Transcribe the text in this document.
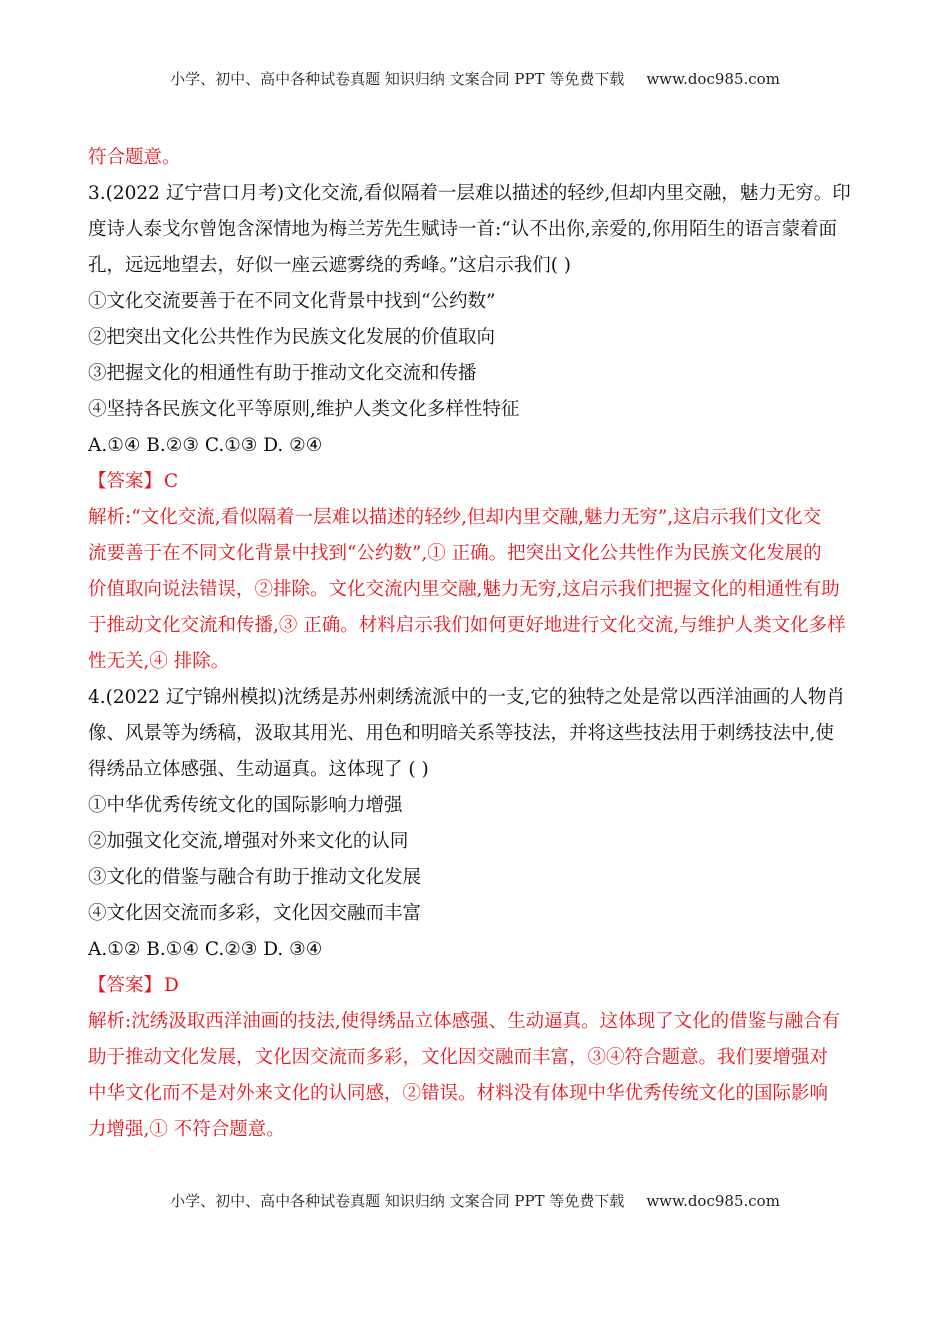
小学、初中、高中各种试卷真题 知识归纳 文案合同 PPT 等免费下载 www.doc985.com
符合题意。
3.(2022 辽宁营口月考)文化交流,看似隔着一层难以描述的轻纱,但却内里交融，魅力无穷。印
度诗人泰戈尔曾饱含深情地为梅兰芳先生赋诗一首:“认不出你,亲爱的,你用陌生的语言蒙着面
孔，远远地望去，好似一座云遮雾绕的秀峰。”这启示我们( )
①文化交流要善于在不同文化背景中找到“公约数”
②把突出文化公共性作为民族文化发展的价值取向
③把握文化的相通性有助于推动文化交流和传播
④坚持各民族文化平等原则,维护人类文化多样性特征
A.①④ B.②③ C.①③ D. ②④
【答案】 C
解析:“文化交流,看似隔着一层难以描述的轻纱,但却内里交融,魅力无穷”,这启示我们文化交
流要善于在不同文化背景中找到“公约数”,① 正确。把突出文化公共性作为民族文化发展的
价值取向说法错误，②排除。文化交流内里交融,魅力无穷,这启示我们把握文化的相通性有助
于推动文化交流和传播,③ 正确。材料启示我们如何更好地进行文化交流,与维护人类文化多样
性无关,④ 排除。
4.(2022 辽宁锦州模拟)沈绣是苏州刺绣流派中的一支,它的独特之处是常以西洋油画的人物肖
像、风景等为绣稿，汲取其用光、用色和明暗关系等技法，并将这些技法用于刺绣技法中,使
得绣品立体感强、生动逼真。这体现了 ( )
①中华优秀传统文化的国际影响力增强
②加强文化交流,增强对外来文化的认同
③文化的借鉴与融合有助于推动文化发展
④文化因交流而多彩，文化因交融而丰富
A.①② B.①④ C.②③ D. ③④
【答案】 D
解析:沈绣汲取西洋油画的技法,使得绣品立体感强、生动逼真。这体现了文化的借鉴与融合有
助于推动文化发展，文化因交流而多彩，文化因交融而丰富，③④符合题意。我们要增强对
中华文化而不是对外来文化的认同感，②错误。材料没有体现中华优秀传统文化的国际影响
力增强,① 不符合题意。
小学、初中、高中各种试卷真题 知识归纳 文案合同 PPT 等免费下载 www.doc985.com
